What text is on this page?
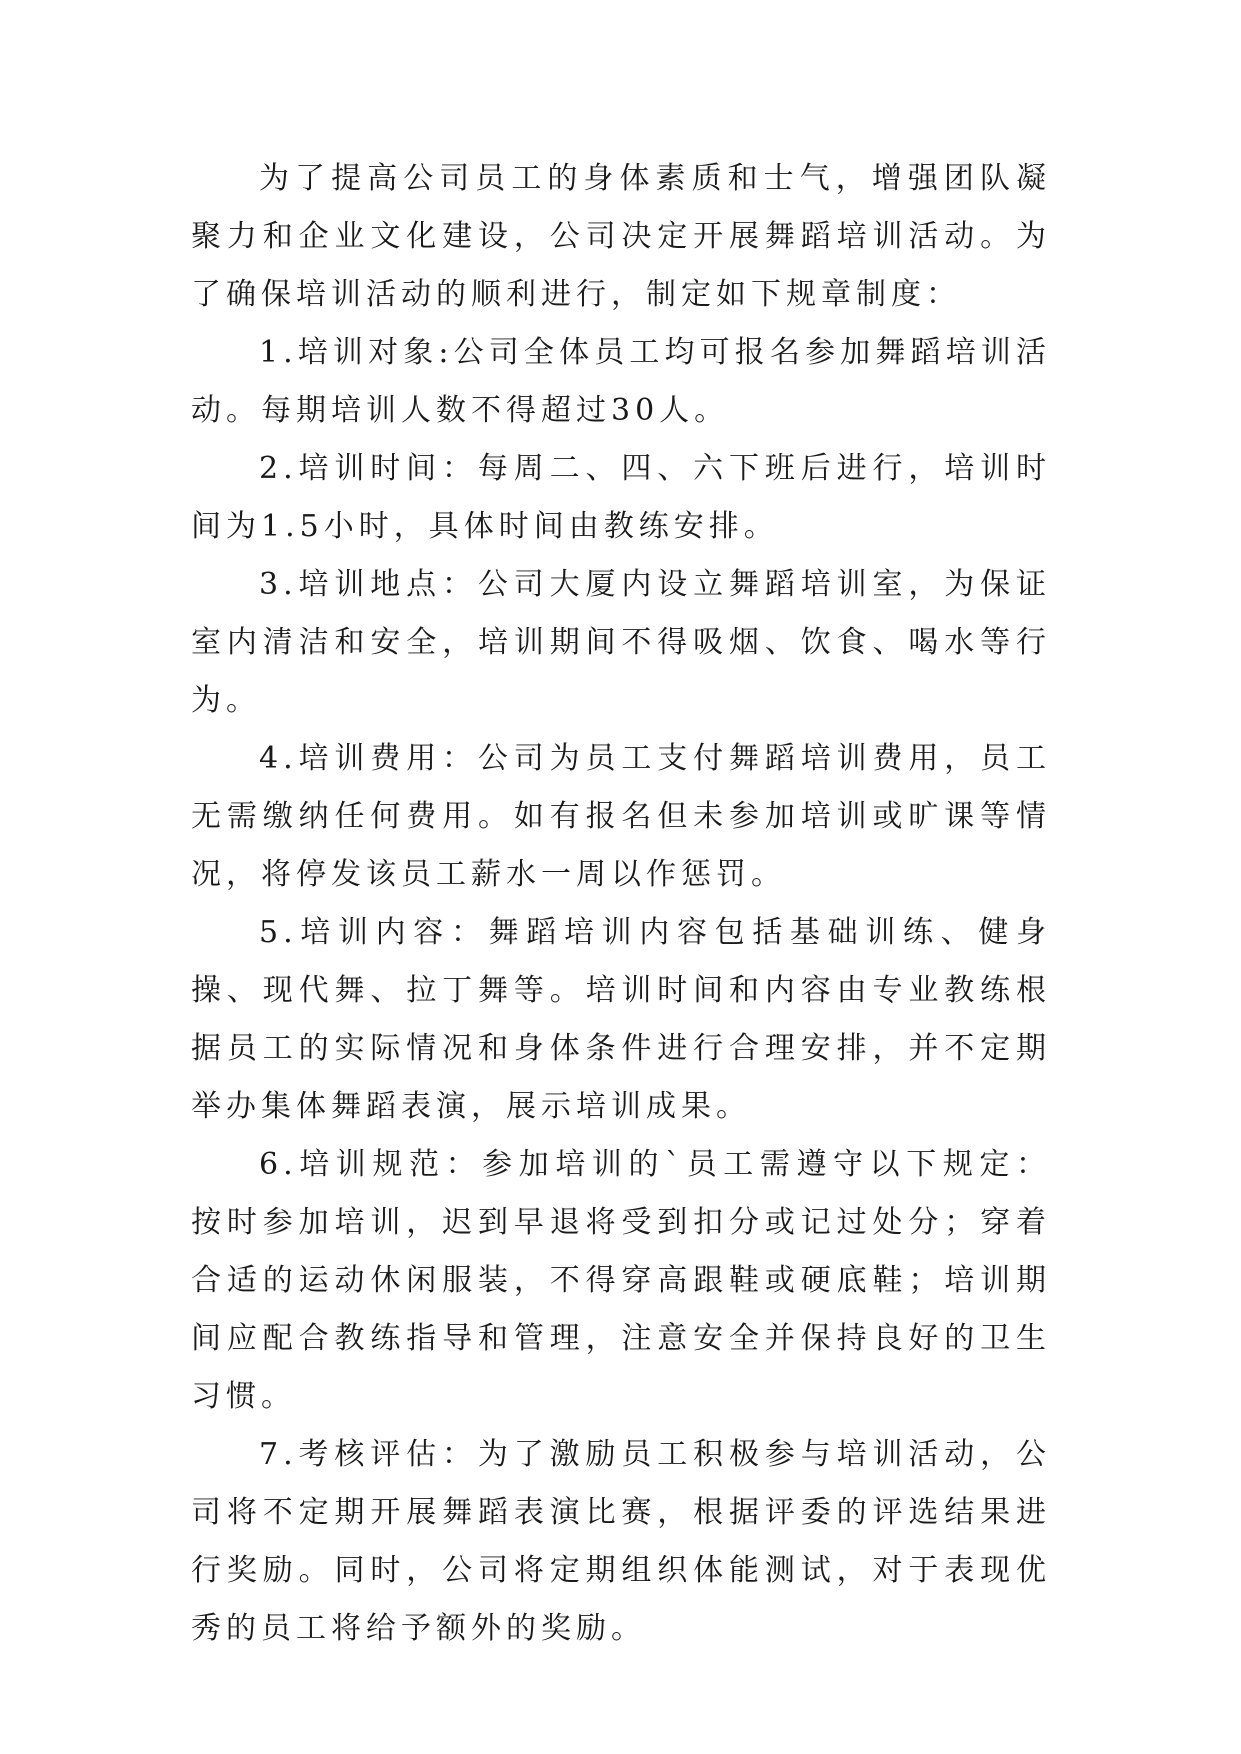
为了提高公司员工的身体素质和士气，增强团队凝聚力和企业文化建设，公司决定开展舞蹈培训活动。为了确保培训活动的顺利进行，制定如下规章制度：

1.培训对象:公司全体员工均可报名参加舞蹈培训活动。每期培训人数不得超过30人。

2.培训时间：每周二、四、六下班后进行，培训时间为1.5小时，具体时间由教练安排。

3.培训地点：公司大厦内设立舞蹈培训室，为保证室内清洁和安全，培训期间不得吸烟、饮食、喝水等行为。

4.培训费用：公司为员工支付舞蹈培训费用，员工无需缴纳任何费用。如有报名但未参加培训或旷课等情况，将停发该员工薪水一周以作惩罚。

5.培训内容：舞蹈培训内容包括基础训练、健身操、现代舞、拉丁舞等。培训时间和内容由专业教练根据员工的实际情况和身体条件进行合理安排，并不定期举办集体舞蹈表演，展示培训成果。

6.培训规范：参加培训的`员工需遵守以下规定：按时参加培训，迟到早退将受到扣分或记过处分；穿着合适的运动休闲服装，不得穿高跟鞋或硬底鞋；培训期间应配合教练指导和管理，注意安全并保持良好的卫生习惯。

7.考核评估：为了激励员工积极参与培训活动，公司将不定期开展舞蹈表演比赛，根据评委的评选结果进行奖励。同时，公司将定期组织体能测试，对于表现优秀的员工将给予额外的奖励。
